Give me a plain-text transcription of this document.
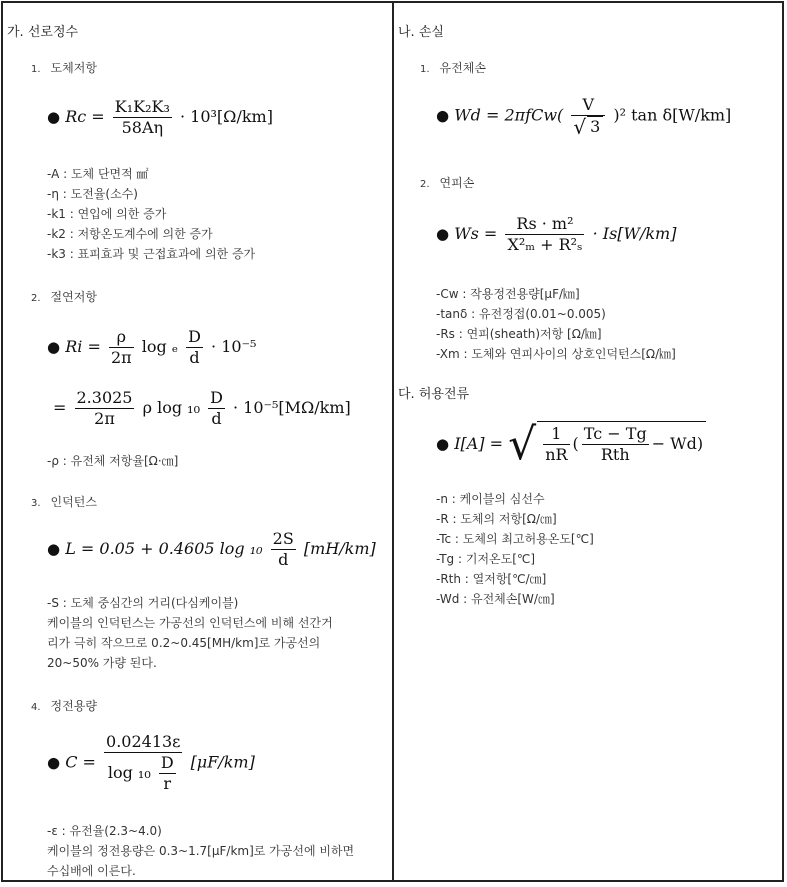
가. 선로정수
1. 도체저항
● $Rc = \frac{\text{K₁K₂K₃}}{58A\eta} \cdot 10^3[\Omega/km]$
-A : 도체 단면적 ㎟
-η : 도전율(소수)
-k1 : 연입에 의한 증가
-k2 : 저항온도계수에 의한 증가
-k3 : 표피효과 및 근접효과에 의한 증가
2. 절연저항
● $Ri = \frac{\rho}{2\pi}$ log ₑ $\frac{D}{d} \cdot 10^{-5}$
= $\frac{2.3025}{2\pi}$ ρ $\log _{10} \frac{D}{d} \cdot 10^{-5}[M\Omega/km]$
-ρ : 유전체 저항율[Ω·㎝]
3. 인덕턴스
● L = 0.05 + 0.4605 $\log _{10} \frac{2S}{d} [mH/km]$
-S : 도체 중심간의 거리(다심케이블)
케이블의 인덕턴스는 가공선의 인덕턴스에 비해 선간거
리가 극히 작으므로 0.2~0.45[MH/km]로 가공선의
20~50% 가량 된다.
4. 정전용량
● $C = \frac{0.02413\varepsilon}{\log _{10} \frac{D}{r}} [\mu F/km]$
-ε : 유전율(2.3~4.0)
케이블의 정전용량은 0.3~1.7[μF/km]로 가공선에 비하면
수십배에 이른다.
나. 손실
1. 유전체손
● $Wd = 2\pi fCw( \frac{V}{√ 3} )^2$ tan δ[W/km]
2. 연피손
● $Ws = \frac{\text{Rs · m²}}{\text{X²ₘ + R²ₛ}} \cdot Is[W/km]$
-Cw : 작용정전용량[μF/㎞]
-tanδ : 유전정접(0.01~0.005)
-Rs : 연피(sheath)저항 [Ω/㎞]
-Xm : 도체와 연피사이의 상호인덕턴스[Ω/㎞]
다. 허용전류
● I[A] = √ $\frac{1}{nR}$ ( $\frac{Tc - Tg}{\text{Rth}} - Wd$)
-n : 케이블의 심선수
-R : 도체의 저항[Ω/㎝]
-Tc : 도체의 최고허용온도[℃]
-Tg : 기저온도[℃]
-Rth : 열저항[℃/㎝]
-Wd : 유전체손[W/㎝]
